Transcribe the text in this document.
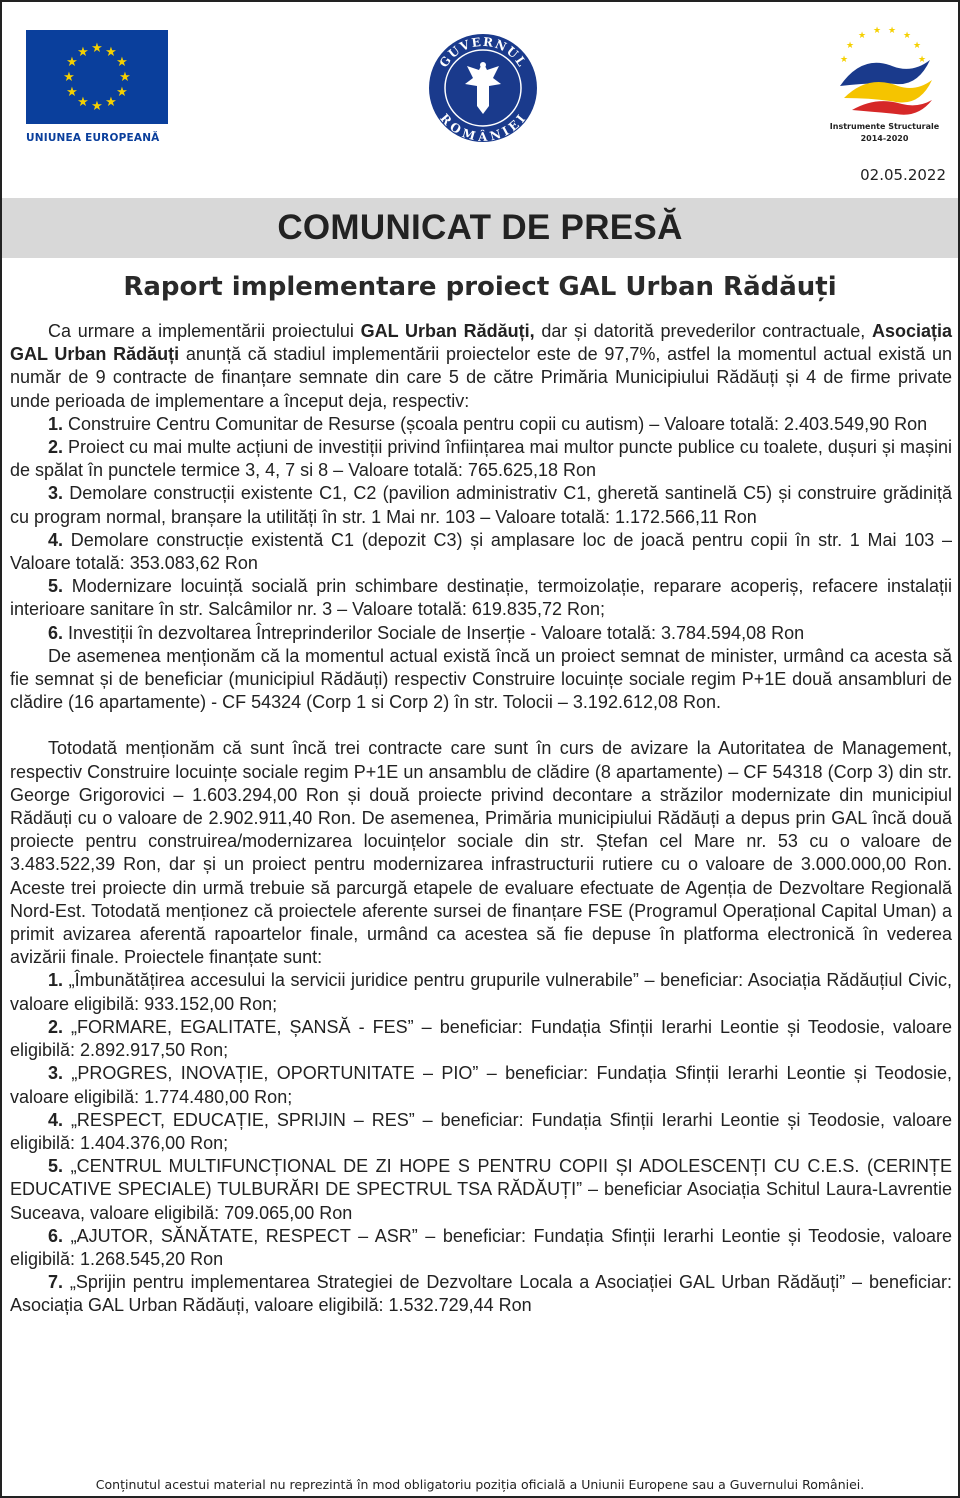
★ ★
★
★
★
★
★
★
★
★
★
★
UNIUNEA EUROPEANĂ
GUVERNUL
ROMÂNIEI
★ ★ ★ ★
★
★
★	★
Instrumente Structurale
2014-2020
02.05.2022
COMUNICAT DE PRESĂ
Raport implementare proiect GAL Urban Rădăuți

Ca urmare a implementării proiectului GAL Urban Rădăuți, dar și datorită prevederilor contractuale, Asociația GAL Urban Rădăuți anunță că stadiul implementării proiectelor este de 97,7%, astfel la momentul actual există un număr de 9 contracte de finanțare semnate din care 5 de către Primăria Municipiului Rădăuți și 4 de firme private unde perioada de implementare a început deja, respectiv:

1. Construire Centru Comunitar de Resurse (școala pentru copii cu autism) – Valoare totală: 2.403.549,90 Ron

2. Proiect cu mai multe acțiuni de investiții privind înființarea mai multor puncte publice cu toalete, dușuri și mașini de spălat în punctele termice 3, 4, 7 si 8 – Valoare totală: 765.625,18 Ron

3. Demolare construcții existente C1, C2 (pavilion administrativ C1, gheretă santinelă C5) și construire grădiniță cu program normal, branșare la utilități în str. 1 Mai nr. 103 – Valoare totală: 1.172.566,11 Ron

4. Demolare construcție existentă C1 (depozit C3) și amplasare loc de joacă pentru copii în str. 1 Mai 103 – Valoare totală: 353.083,62 Ron

5. Modernizare locuință socială prin schimbare destinație, termoizolație, reparare acoperiș, refacere instalații interioare sanitare în str. Salcâmilor nr. 3 – Valoare totală: 619.835,72 Ron;

6. Investiții în dezvoltarea Întreprinderilor Sociale de Inserție - Valoare totală: 3.784.594,08 Ron

De asemenea menționăm că la momentul actual există încă un proiect semnat de minister, urmând ca acesta să fie semnat și de beneficiar (municipiul Rădăuți) respectiv Construire locuințe sociale regim P+1E două ansambluri de clădire (16 apartamente) - CF 54324 (Corp 1 si Corp 2) în str. Tolocii – 3.192.612,08 Ron.

Totodată menționăm că sunt încă trei contracte care sunt în curs de avizare la Autoritatea de Management, respectiv Construire locuințe sociale regim P+1E un ansamblu de clădire (8 apartamente) – CF 54318 (Corp 3) din str. George Grigorovici – 1.603.294,00 Ron și două proiecte privind decontare a străzilor modernizate din municipiul Rădăuți cu o valoare de 2.902.911,40 Ron. De asemenea, Primăria municipiului Rădăuți a depus prin GAL încă două proiecte pentru construirea/modernizarea locuințelor sociale din str. Ștefan cel Mare nr. 53 cu o valoare de 3.483.522,39 Ron, dar și un proiect pentru modernizarea infrastructurii rutiere cu o valoare de 3.000.000,00 Ron. Aceste trei proiecte din urmă trebuie să parcurgă etapele de evaluare efectuate de Agenția de Dezvoltare Regională Nord-Est. Totodată menționez că proiectele aferente sursei de finanțare FSE (Programul Operațional Capital Uman) a primit avizarea aferentă rapoartelor finale, urmând ca acestea să fie depuse în platforma electronică în vederea avizării finale. Proiectele finanțate sunt:

1. „Îmbunătățirea accesului la servicii juridice pentru grupurile vulnerabile” – beneficiar: Asociația Rădăuțiul Civic, valoare eligibilă: 933.152,00 Ron;

2. „FORMARE, EGALITATE, ȘANSĂ - FES” – beneficiar: Fundația Sfinții Ierarhi Leontie și Teodosie, valoare eligibilă: 2.892.917,50 Ron;

3. „PROGRES, INOVAȚIE, OPORTUNITATE – PIO” – beneficiar: Fundația Sfinții Ierarhi Leontie și Teodosie, valoare eligibilă: 1.774.480,00 Ron;

4. „RESPECT, EDUCAȚIE, SPRIJIN – RES” – beneficiar: Fundația Sfinții Ierarhi Leontie și Teodosie, valoare eligibilă: 1.404.376,00 Ron;

5. „CENTRUL MULTIFUNCȚIONAL DE ZI HOPE S PENTRU COPII ȘI ADOLESCENȚI CU C.E.S. (CERINȚE EDUCATIVE SPECIALE) TULBURĂRI DE SPECTRUL TSA RĂDĂUȚI” – beneficiar Asociația Schitul Laura-Lavrentie Suceava, valoare eligibilă: 709.065,00 Ron

6. „AJUTOR, SĂNĂTATE, RESPECT – ASR” – beneficiar: Fundația Sfinții Ierarhi Leontie și Teodosie, valoare eligibilă: 1.268.545,20 Ron

7. „Sprijin pentru implementarea Strategiei de Dezvoltare Locala a Asociației GAL Urban Rădăuți” – beneficiar: Asociația GAL Urban Rădăuți, valoare eligibilă: 1.532.729,44 Ron

Conținutul acestui material nu reprezintă în mod obligatoriu poziția oficială a Uniunii Europene sau a Guvernului României.
